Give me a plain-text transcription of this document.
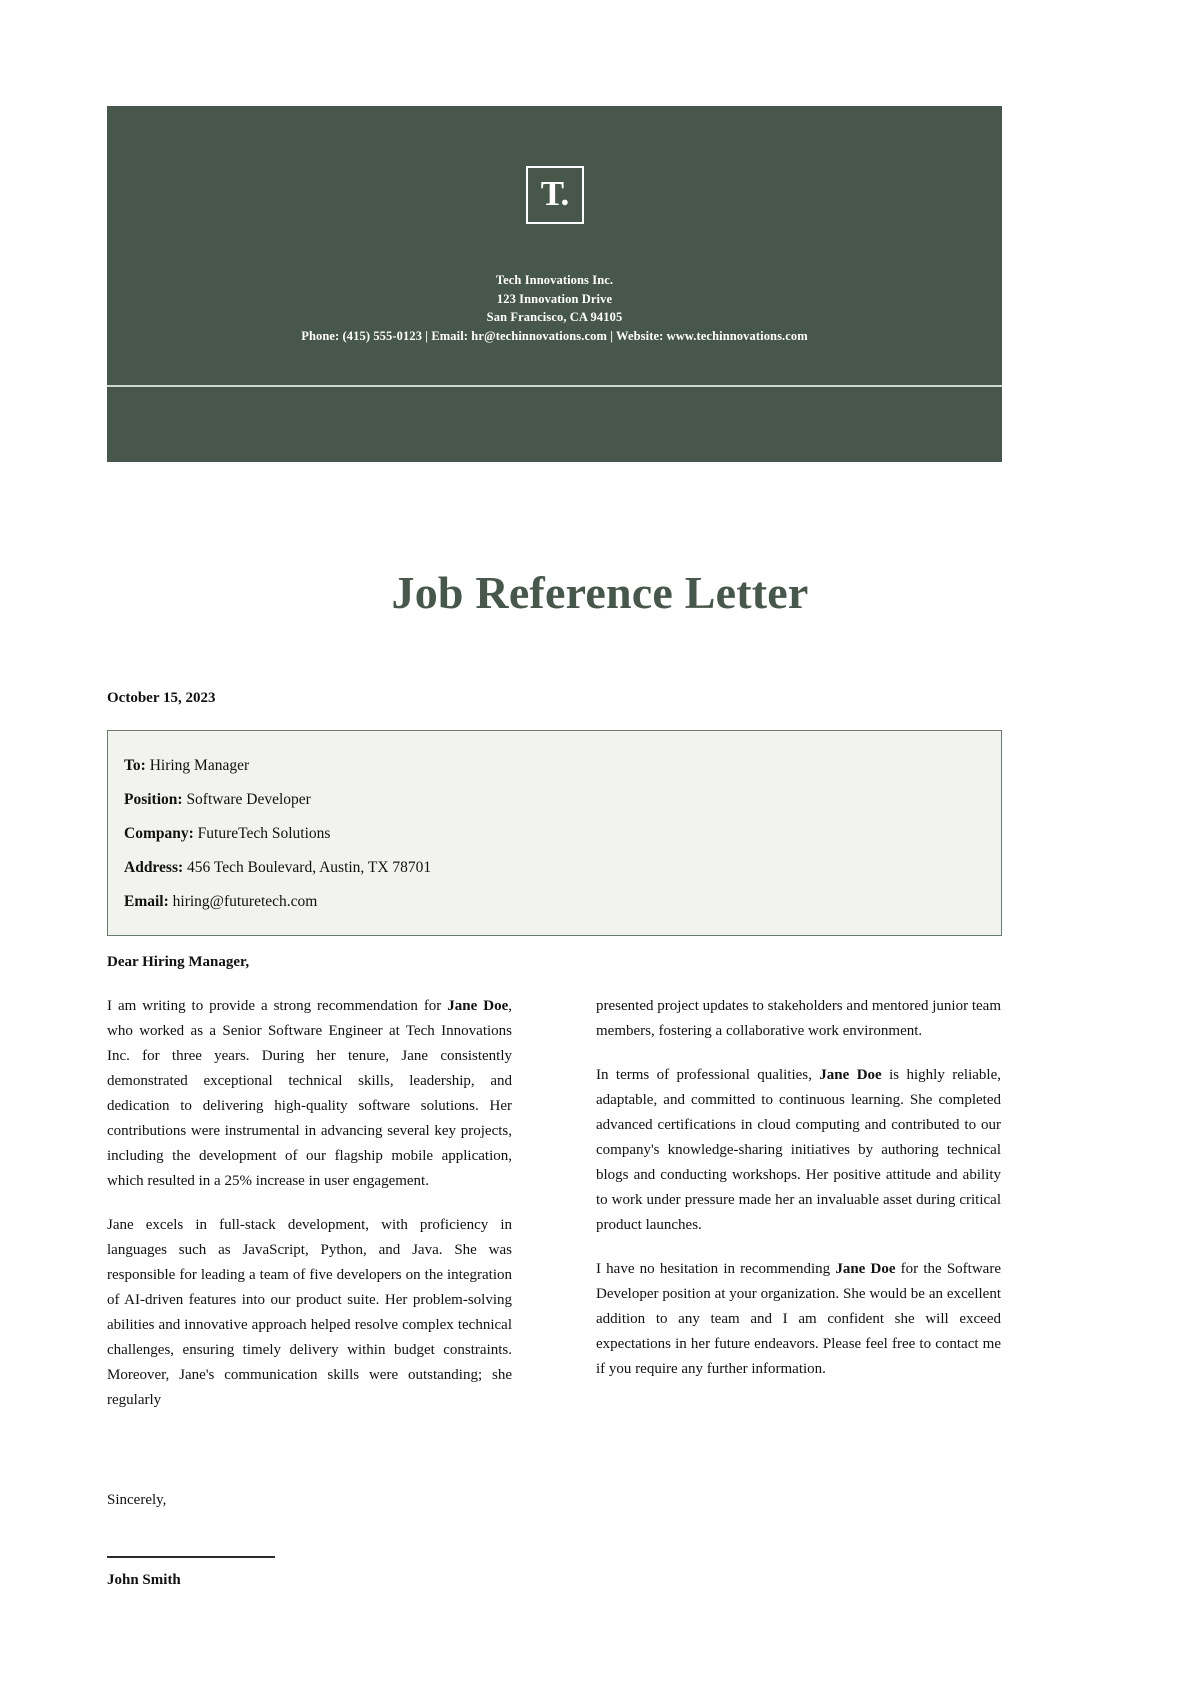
T.
Tech Innovations Inc.
123 Innovation Drive
San Francisco, CA 94105
Phone: (415) 555-0123 | Email: hr@techinnovations.com | Website: www.techinnovations.com
Job Reference Letter
October 15, 2023
To: Hiring Manager
Position: Software Developer
Company: FutureTech Solutions
Address: 456 Tech Boulevard, Austin, TX 78701
Email: hiring@futuretech.com
Dear Hiring Manager,

I am writing to provide a strong recommendation for Jane Doe, who worked as a Senior Software Engineer at Tech Innovations Inc. for three years. During her tenure, Jane consistently demonstrated exceptional technical skills, leadership, and dedication to delivering high-quality software solutions. Her contributions were instrumental in advancing several key projects, including the development of our flagship mobile application, which resulted in a 25% increase in user engagement.

Jane excels in full-stack development, with proficiency in languages such as JavaScript, Python, and Java. She was responsible for leading a team of five developers on the integration of AI-driven features into our product suite. Her problem-solving abilities and innovative approach helped resolve complex technical challenges, ensuring timely delivery within budget constraints. Moreover, Jane's communication skills were outstanding; she regularly

presented project updates to stakeholders and mentored junior team members, fostering a collaborative work environment.

In terms of professional qualities, Jane Doe is highly reliable, adaptable, and committed to continuous learning. She completed advanced certifications in cloud computing and contributed to our company's knowledge-sharing initiatives by authoring technical blogs and conducting workshops. Her positive attitude and ability to work under pressure made her an invaluable asset during critical product launches.

I have no hesitation in recommending Jane Doe for the Software Developer position at your organization. She would be an excellent addition to any team and I am confident she will exceed expectations in her future endeavors. Please feel free to contact me if you require any further information.

Sincerely,
John Smith
